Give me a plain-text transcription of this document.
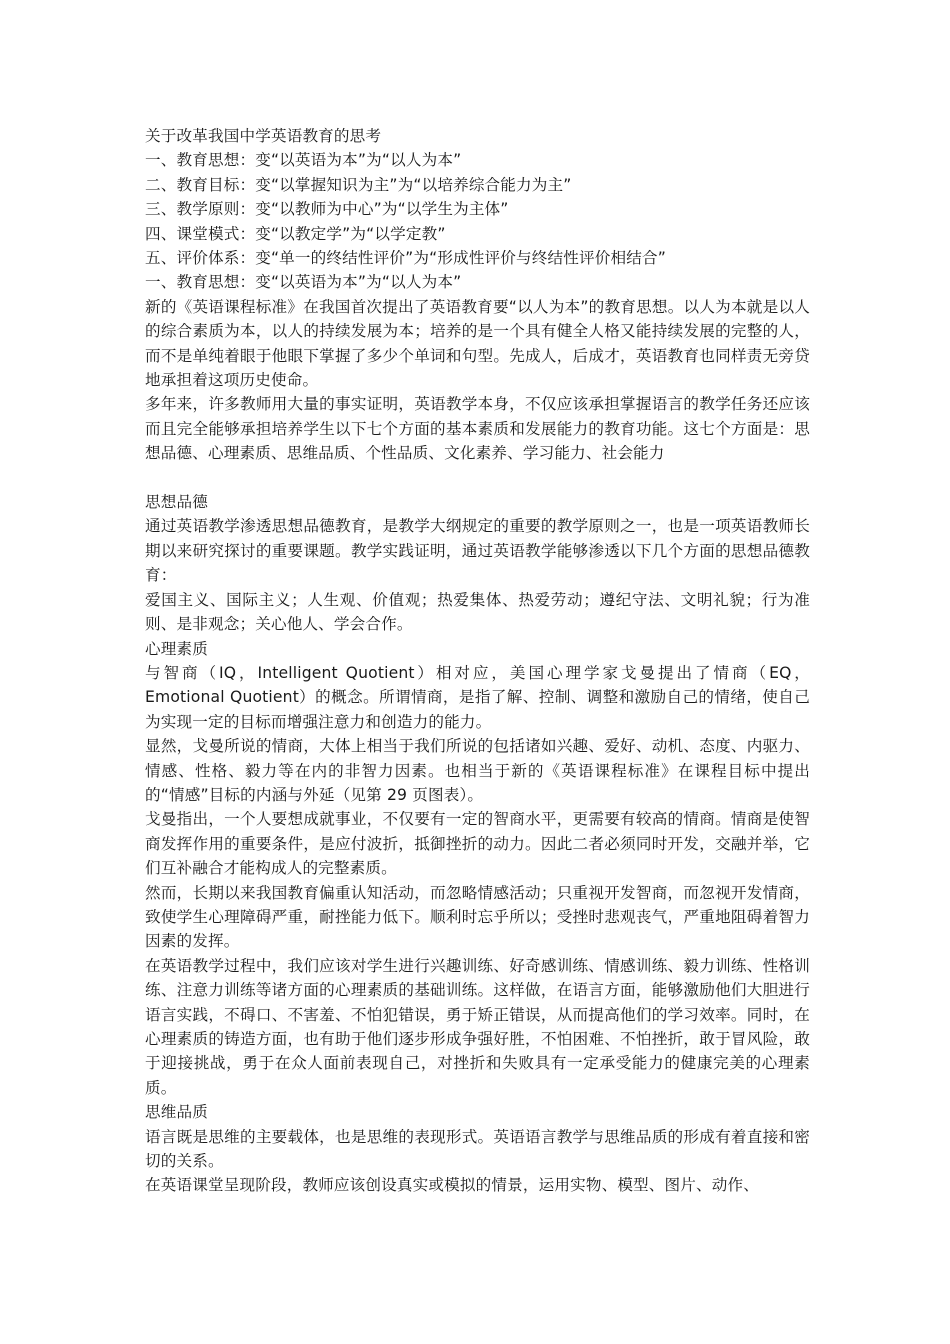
关于改革我国中学英语教育的思考
一、教育思想：变“以英语为本”为“以人为本”
二、教育目标：变“以掌握知识为主”为“以培养综合能力为主”
三、教学原则：变“以教师为中心”为“以学生为主体”
四、课堂模式：变“以教定学”为“以学定教”
五、评价体系：变“单一的终结性评价”为“形成性评价与终结性评价相结合”
一、教育思想：变“以英语为本”为“以人为本”

新的《英语课程标准》在我国首次提出了英语教育要“以人为本”的教育思想。以人为本就是以人的综合素质为本，以人的持续发展为本；培养的是一个具有健全人格又能持续发展的完整的人，而不是单纯着眼于他眼下掌握了多少个单词和句型。先成人，后成才，英语教育也同样责无旁贷地承担着这项历史使命。

多年来，许多教师用大量的事实证明，英语教学本身，不仅应该承担掌握语言的教学任务还应该而且完全能够承担培养学生以下七个方面的基本素质和发展能力的教育功能。这七个方面是：思想品德、心理素质、思维品质、个性品质、文化素养、学习能力、社会能力

思想品德

通过英语教学渗透思想品德教育，是教学大纲规定的重要的教学原则之一，也是一项英语教师长期以来研究探讨的重要课题。教学实践证明，通过英语教学能够渗透以下几个方面的思想品德教育：

爱国主义、国际主义；人生观、价值观；热爱集体、热爱劳动；遵纪守法、文明礼貌；行为准则、是非观念；关心他人、学会合作。

心理素质

与智商（IQ，Intelligent Quotient）相对应，美国心理学家戈曼提出了情商（EQ，Emotional Quotient）的概念。所谓情商，是指了解、控制、调整和激励自己的情绪，使自己为实现一定的目标而增强注意力和创造力的能力。

显然，戈曼所说的情商，大体上相当于我们所说的包括诸如兴趣、爱好、动机、态度、内驱力、情感、性格、毅力等在内的非智力因素。也相当于新的《英语课程标准》在课程目标中提出的“情感”目标的内涵与外延（见第 29 页图表）。

戈曼指出，一个人要想成就事业，不仅要有一定的智商水平，更需要有较高的情商。情商是使智商发挥作用的重要条件，是应付波折，抵御挫折的动力。因此二者必须同时开发，交融并举，它们互补融合才能构成人的完整素质。

然而，长期以来我国教育偏重认知活动，而忽略情感活动；只重视开发智商，而忽视开发情商，致使学生心理障碍严重，耐挫能力低下。顺利时忘乎所以；受挫时悲观丧气，严重地阻碍着智力因素的发挥。

在英语教学过程中，我们应该对学生进行兴趣训练、好奇感训练、情感训练、毅力训练、性格训练、注意力训练等诸方面的心理素质的基础训练。这样做，在语言方面，能够激励他们大胆进行语言实践，不碍口、不害羞、不怕犯错误，勇于矫正错误，从而提高他们的学习效率。同时，在心理素质的铸造方面，也有助于他们逐步形成争强好胜，不怕困难、不怕挫折，敢于冒风险，敢于迎接挑战，勇于在众人面前表现自己，对挫折和失败具有一定承受能力的健康完美的心理素质。

思维品质

语言既是思维的主要载体，也是思维的表现形式。英语语言教学与思维品质的形成有着直接和密切的关系。

在英语课堂呈现阶段，教师应该创设真实或模拟的情景，运用实物、模型、图片、动作、
